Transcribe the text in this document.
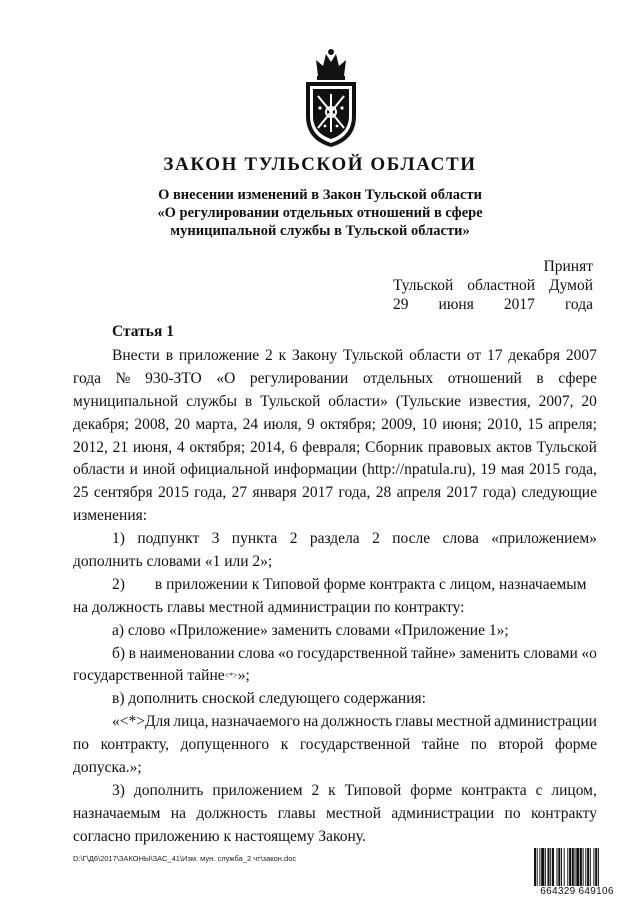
ЗАКОН ТУЛЬСКОЙ ОБЛАСТИ
О внесении изменений в Закон Тульской области
«О регулировании отдельных отношений в сфере
муниципальной службы в Тульской области»
Принят
Тульской областной Думой
29 июня 2017 года
Статья 1
Внести в приложение 2 к Закону Тульской области от 17 декабря 2007
года № 930-ЗТО «О регулировании отдельных отношений в сфере
муниципальной службы в Тульской области» (Тульские известия, 2007, 20
декабря; 2008, 20 марта, 24 июля, 9 октября; 2009, 10 июня; 2010, 15 апреля;
2012, 21 июня, 4 октября; 2014, 6 февраля; Сборник правовых актов Тульской
области и иной официальной информации (http://npatula.ru), 19 мая 2015 года,
25 сентября 2015 года, 27 января 2017 года, 28 апреля 2017 года) следующие
изменения:
1) подпункт 3 пункта 2 раздела 2 после слова «приложением»
дополнить словами «1 или 2»;
2) в приложении к Типовой форме контракта с лицом, назначаемым
на должность главы местной администрации по контракту:
а) слово «Приложение» заменить словами «Приложение 1»;
б) в наименовании слова «о государственной тайне» заменить словами «о
государственной тайне <*> »;
в) дополнить сноской следующего содержания:
«<*>Для лица, назначаемого на должность главы местной администрации
по контракту, допущенного к государственной тайне по второй форме
допуска.»;
3) дополнить приложением 2 к Типовой форме контракта с лицом,
назначаемым на должность главы местной администрации по контракту
согласно приложению к настоящему Закону.
D:\Г\Д6\2017\ЗАКОНЫ\ЗАС_41\Изм. мун. служба_2 чт\закон.doc
664329 649106
